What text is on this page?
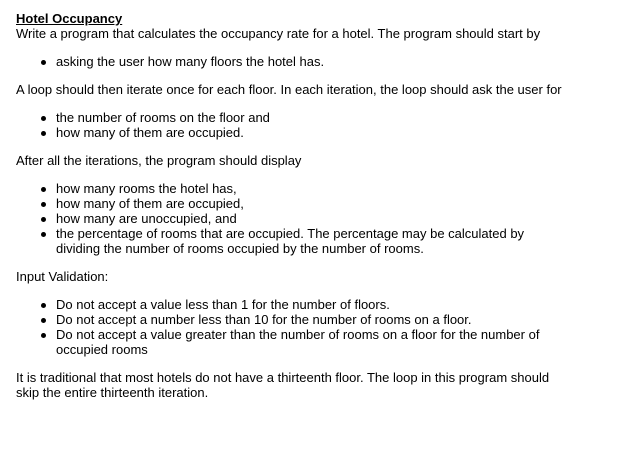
Hotel Occupancy

Write a program that calculates the occupancy rate for a hotel. The program should start by

asking the user how many floors the hotel has.

A loop should then iterate once for each floor. In each iteration, the loop should ask the user for

the number of rooms on the floor and
how many of them are occupied.

After all the iterations, the program should display

how many rooms the hotel has,
how many of them are occupied,
how many are unoccupied, and
the percentage of rooms that are occupied. The percentage may be calculated by dividing the number of rooms occupied by the number of rooms.

Input Validation:

Do not accept a value less than 1 for the number of floors.
Do not accept a number less than 10 for the number of rooms on a floor.
Do not accept a value greater than the number of rooms on a floor for the number of occupied rooms

It is traditional that most hotels do not have a thirteenth floor. The loop in this program should skip the entire thirteenth iteration.
